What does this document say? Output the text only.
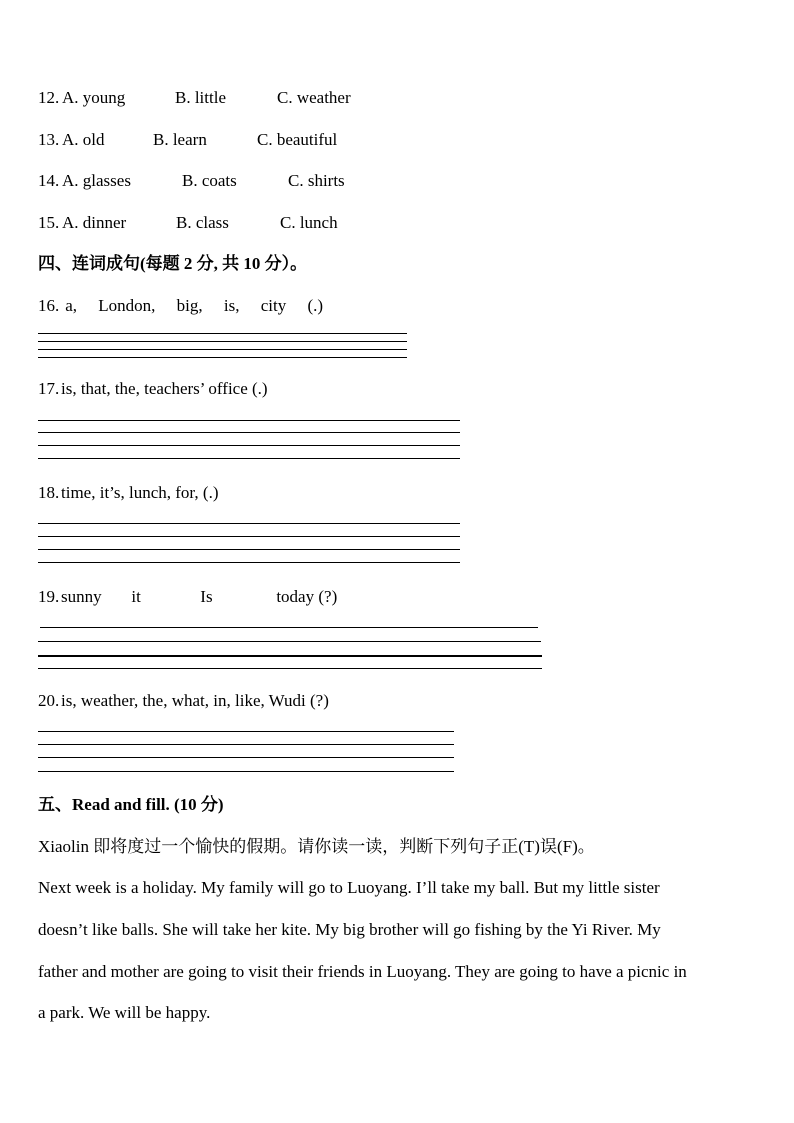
12. A. young	B. little	C. weather
13. A. old	B. learn	C. beautiful
14. A. glasses	B. coats	C. shirts
15. A. dinner	B. class	C. lunch
四、连词成句(每题 2 分, 共 10 分）。
16. a,     London,     big,     is,     city     (.)
17. is, that, the, teachers’ office (.)
18. time, it’s, lunch, for, (.)
19. sunny       it              Is               today (?)
20. is, weather, the, what, in, like, Wudi (?)
五、Read and fill. (10 分)
Xiaolin 即将度过一个愉快的假期。请你读一读，判断下列句子正(T)误(F)。
Next week is a holiday. My family will go to Luoyang. I’ll take my ball. But my little sister
doesn’t like balls. She will take her kite. My big brother will go fishing by the Yi River. My
father and mother are going to visit their friends in Luoyang. They are going to have a picnic in
a park. We will be happy.
